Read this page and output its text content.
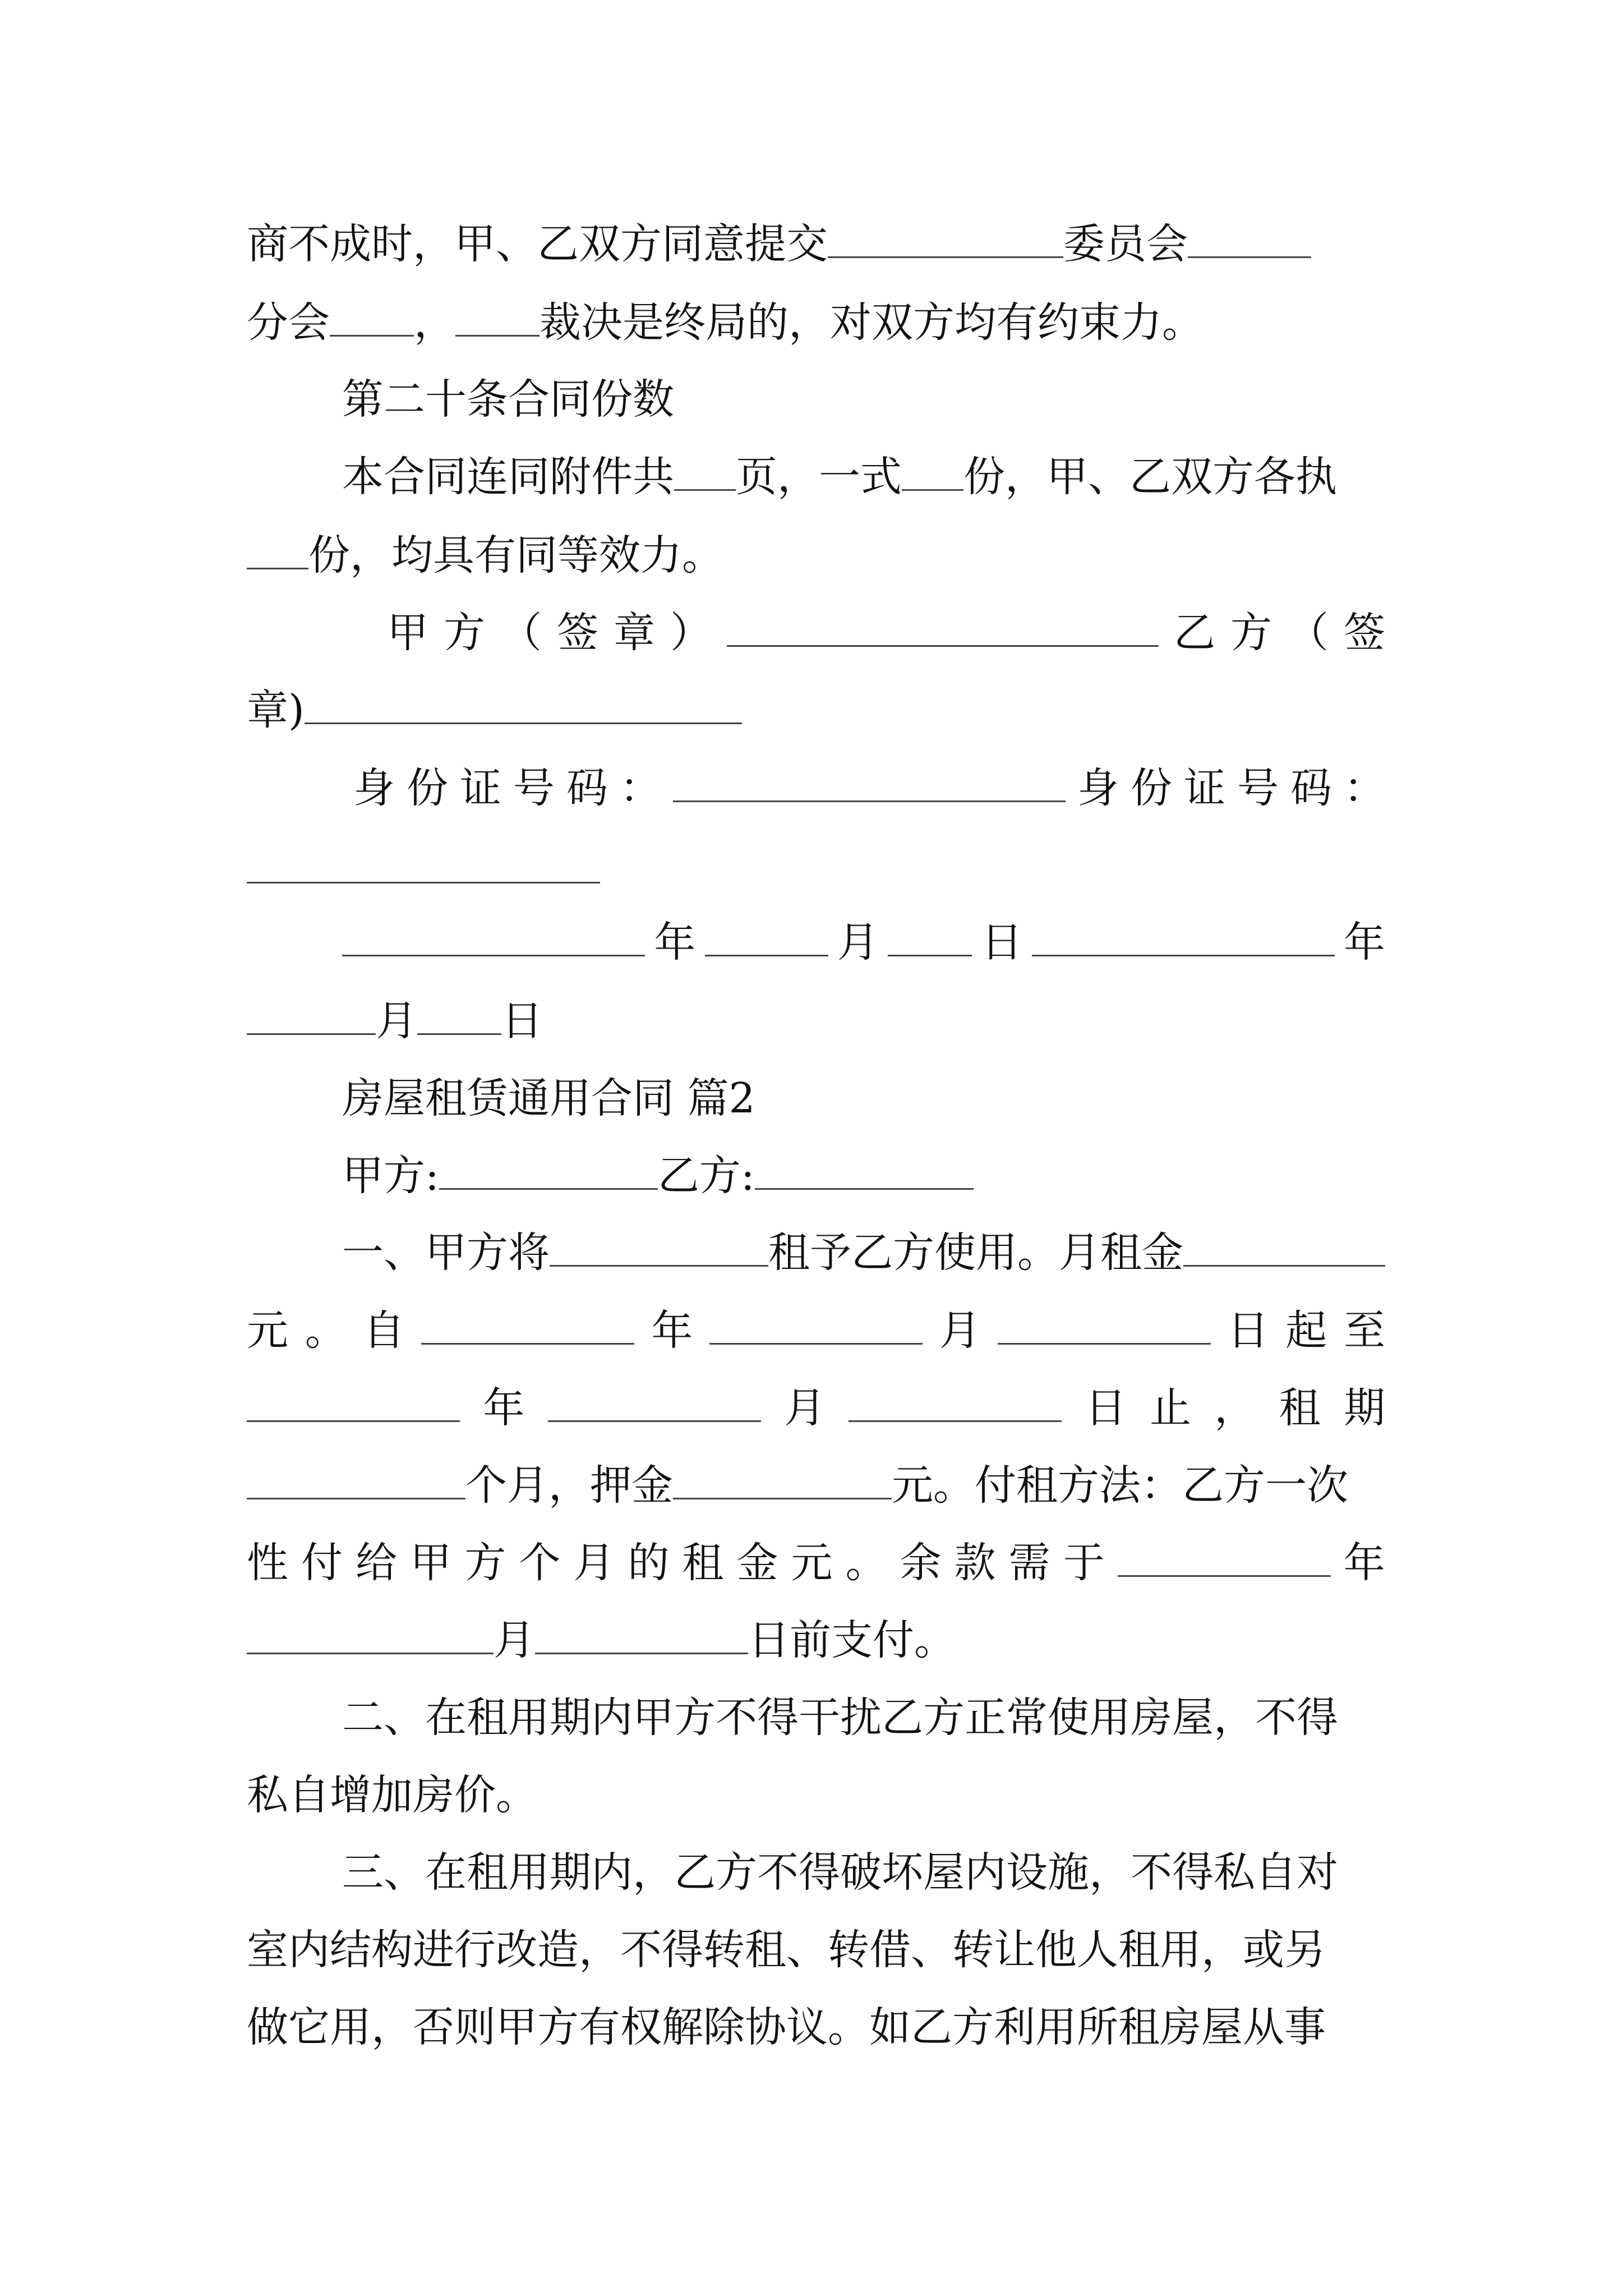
商不成时，甲、乙双方同意提交	委员会
分会 ， 裁决是终局的，对双方均有约束力。
第二十条合同份数
本合同连同附件共 页，一式 份，甲、乙双方各执
份，均具有同等效力。
甲 方 （ 签 章 ）	乙 方 （ 签
章)
身 份 证 号 码 ：	身 份 证 号 码 ：
年	月 日	年
月 日
房屋租赁通用合同 篇2
甲方:	乙方:
一、甲方将	租予乙方使用。月租金
元 。 自	年	月	日 起 至
年	月	日 止 ， 租 期
个月，押金	元。付租方法：乙方一次
性 付 给 甲 方 个 月 的 租 金 元 。 余 款 需 于	年
月	日前支付。
二、在租用期内甲方不得干扰乙方正常使用房屋，不得
私自增加房价。
三、在租用期内，乙方不得破坏屋内设施，不得私自对
室内结构进行改造，不得转租、转借、转让他人租用，或另
做它用，否则甲方有权解除协议。如乙方利用所租房屋从事
